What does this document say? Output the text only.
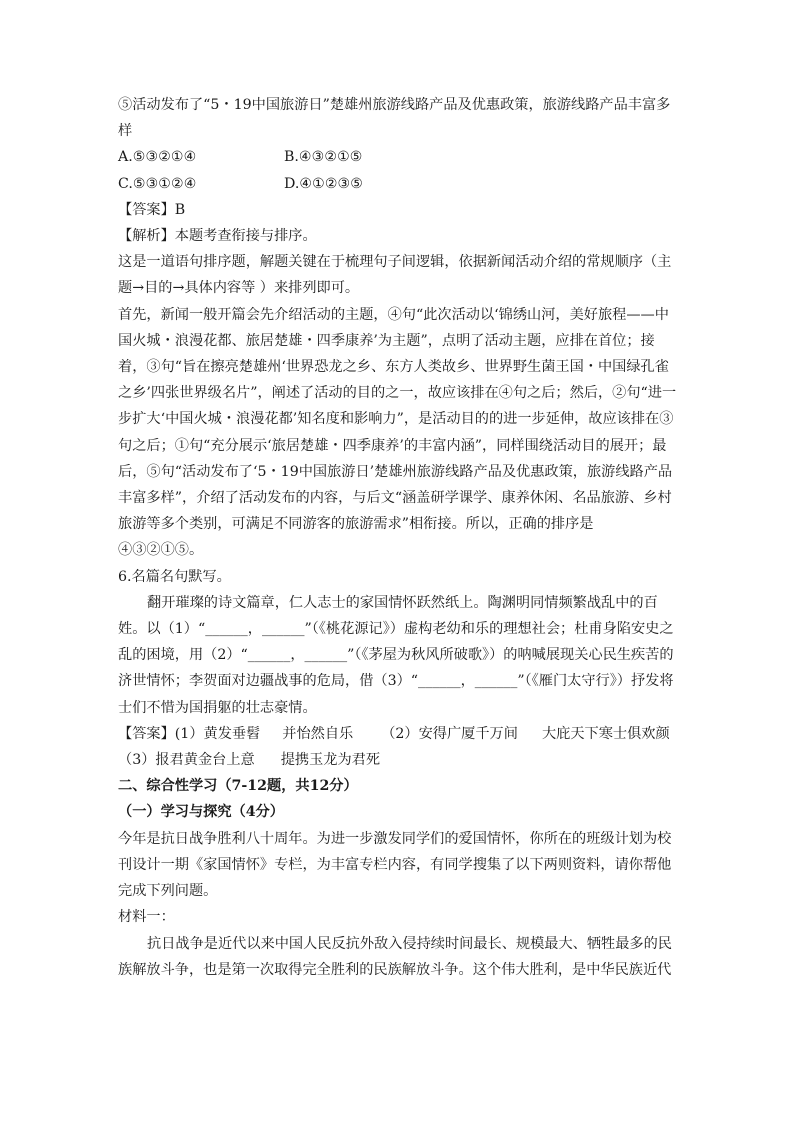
⑤活动发布了“5・19中国旅游日”楚雄州旅游线路产品及优惠政策，旅游线路产品丰富多样

A.⑤③②①④	B.④③②①⑤
C.⑤③①②④	D.④①②③⑤

【答案】B

【解析】本题考查衔接与排序。

这是一道语句排序题，解题关键在于梳理句子间逻辑，依据新闻活动介绍的常规顺序（主题→目的→具体内容等 ）来排列即可。

首先，新闻一般开篇会先介绍活动的主题，④句“此次活动以‘锦绣山河，美好旅程——中国火城・浪漫花都、旅居楚雄・四季康养’为主题”，点明了活动主题，应排在首位；接着，③句“旨在擦亮楚雄州‘世界恐龙之乡、东方人类故乡、世界野生菌王国・中国绿孔雀之乡’四张世界级名片”，阐述了活动的目的之一，故应该排在④句之后；然后，②句“进一步扩大‘中国火城・浪漫花都’知名度和影响力”，是活动目的的进一步延伸，故应该排在③句之后；①句“充分展示‘旅居楚雄・四季康养’的丰富内涵”，同样围绕活动目的展开；最后，⑤句“活动发布了‘5・19中国旅游日’楚雄州旅游线路产品及优惠政策，旅游线路产品丰富多样”，介绍了活动发布的内容，与后文“涵盖研学课学、康养休闲、名品旅游、乡村旅游等多个类别，可满足不同游客的旅游需求”相衔接。所以，正确的排序是④③②①⑤。

6.名篇名句默写。

翻开璀璨的诗文篇章，仁人志士的家国情怀跃然纸上。陶渊明同情频繁战乱中的百姓。以（1）“______，______”（《桃花源记》）虚构老幼和乐的理想社会；杜甫身陷安史之乱的困境，用（2）“______，______”（《茅屋为秋风所破歌》）的呐喊展现关心民生疾苦的济世情怀；李贺面对边疆战事的危局，借（3）“______，______”（《雁门太守行》）抒发将士们不惜为国捐躯的壮志豪情。

【答案】(1）黄发垂髫 并怡然自乐 （2）安得广厦千万间 大庇天下寒士俱欢颜

（3）报君黄金台上意 提携玉龙为君死

二、综合性学习（7-12题，共12分）

（一）学习与探究（4分）

今年是抗日战争胜利八十周年。为进一步激发同学们的爱国情怀，你所在的班级计划为校刊设计一期《家国情怀》专栏，为丰富专栏内容，有同学搜集了以下两则资料，请你帮他完成下列问题。

材料一：

抗日战争是近代以来中国人民反抗外敌入侵持续时间最长、规模最大、牺牲最多的民族解放斗争，也是第一次取得完全胜利的民族解放斗争。这个伟大胜利，是中华民族近代
